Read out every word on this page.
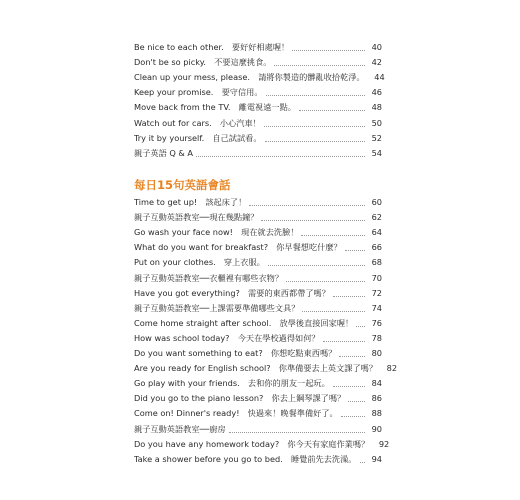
Be nice to each other.　要好好相處喔！	40
Don't be so picky.　不要這麼挑食。	42
Clean up your mess, please.　請將你製造的髒亂收拾乾淨。	44
Keep your promise.　要守信用。	46
Move back from the TV.　離電視遠一點。	48
Watch out for cars.　小心汽車！	50
Try it by yourself.　自己試試看。	52
親子英語 Q & A	54
每日15句英語會話
Time to get up!　該起床了！	60
親子互動英語教室──現在幾點鐘？	62
Go wash your face now!　現在就去洗臉！	64
What do you want for breakfast?　你早餐想吃什麼？	66
Put on your clothes.　穿上衣服。	68
親子互動英語教室──衣櫃裡有哪些衣物？	70
Have you got everything?　需要的東西都帶了嗎？	72
親子互動英語教室──上課需要準備哪些文具？	74
Come home straight after school.　放學後直接回家喔！	76
How was school today?　今天在學校過得如何？	78
Do you want something to eat?　你想吃點東西嗎？	80
Are you ready for English school?　你準備要去上英文課了嗎？	82
Go play with your friends.　去和你的朋友一起玩。	84
Did you go to the piano lesson?　你去上鋼琴課了嗎？	86
Come on! Dinner's ready!　快過來！晚餐準備好了。	88
親子互動英語教室──廚房	90
Do you have any homework today?　你今天有家庭作業嗎？	92
Take a shower before you go to bed.　睡覺前先去洗澡。	94
